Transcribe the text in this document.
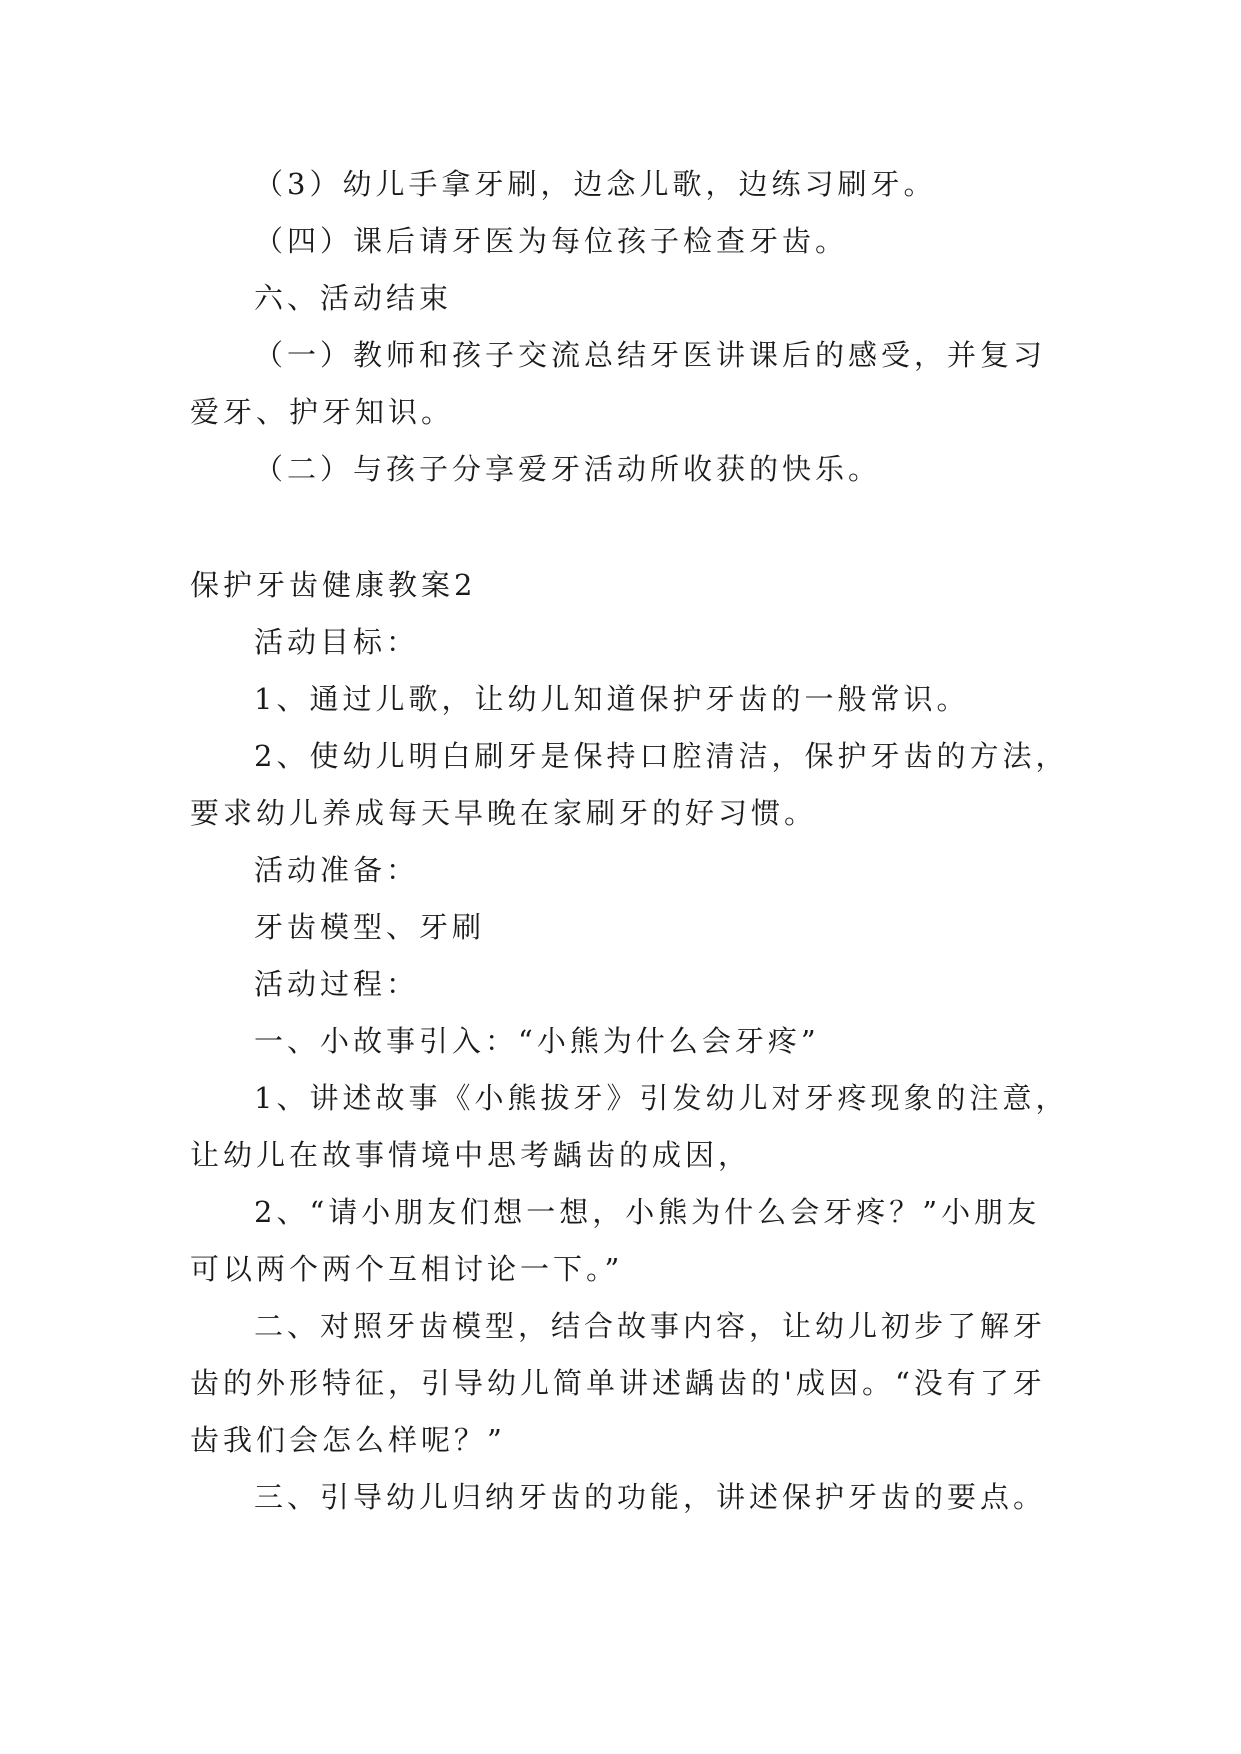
（3）幼儿手拿牙刷，边念儿歌，边练习刷牙。
（四）课后请牙医为每位孩子检查牙齿。
六、活动结束
（一）教师和孩子交流总结牙医讲课后的感受，并复习
爱牙、护牙知识。
（二）与孩子分享爱牙活动所收获的快乐。
保护牙齿健康教案2
活动目标：
1、通过儿歌，让幼儿知道保护牙齿的一般常识。
2、使幼儿明白刷牙是保持口腔清洁，保护牙齿的方法，
要求幼儿养成每天早晚在家刷牙的好习惯。
活动准备：
牙齿模型、牙刷
活动过程：
一、小故事引入：“小熊为什么会牙疼”
1、讲述故事《小熊拔牙》引发幼儿对牙疼现象的注意，
让幼儿在故事情境中思考龋齿的成因，
2、“请小朋友们想一想，小熊为什么会牙疼？”小朋友
可以两个两个互相讨论一下。”
二、对照牙齿模型，结合故事内容，让幼儿初步了解牙
齿的外形特征，引导幼儿简单讲述龋齿的'成因。“没有了牙
齿我们会怎么样呢？”
三、引导幼儿归纳牙齿的功能，讲述保护牙齿的要点。
